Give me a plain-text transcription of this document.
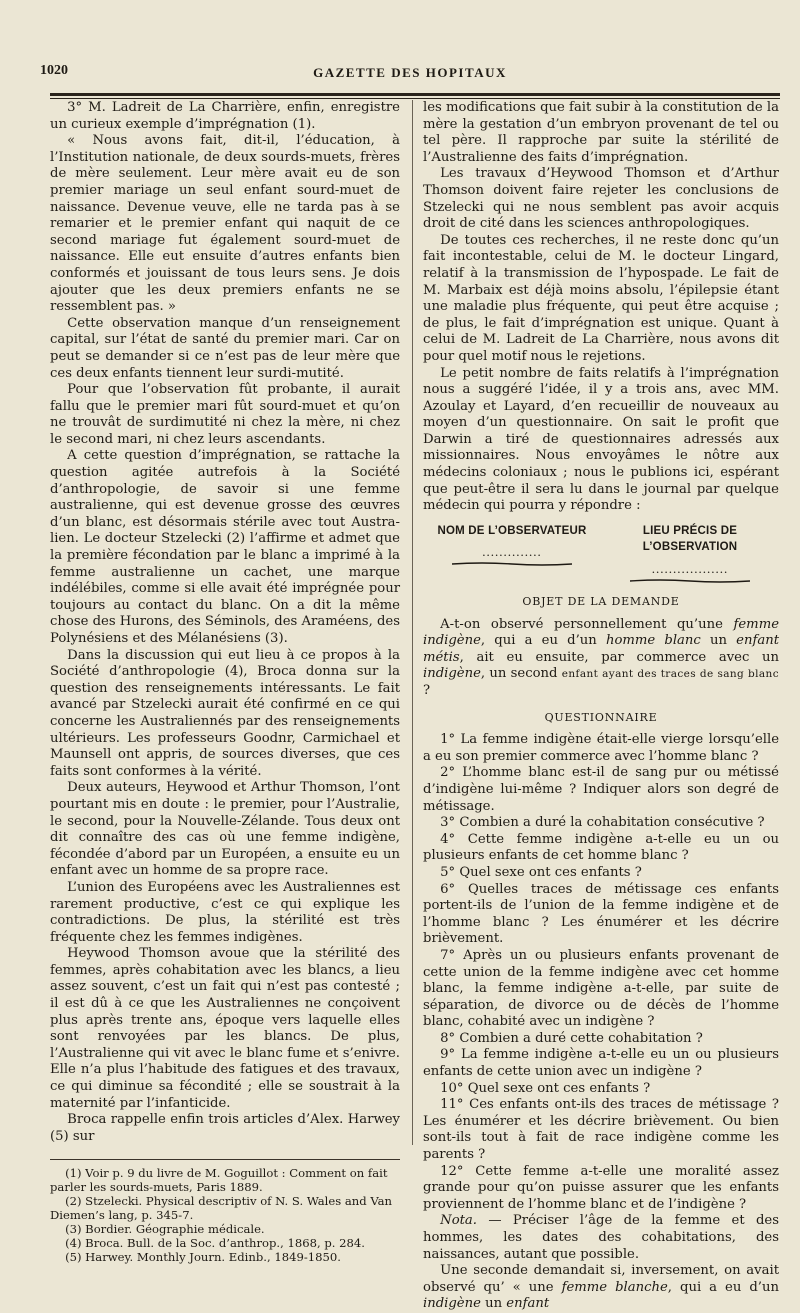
1020	GAZETTE DES HOPITAUX

3° M. Ladreit de La Charrière, enfin, enregistre un curieux exemple d’imprégnation (1).

« Nous avons fait, dit-il, l’éducation, à l’Institution nationale, de deux sourds-muets, frères de mère seulement. Leur mère avait eu de son premier mariage un seul enfant sourd-muet de naissance. Devenue veuve, elle ne tarda pas à se remarier et le premier enfant qui naquit de ce second mariage fut également sourd-muet de naissance. Elle eut ensuite d’autres enfants bien conformés et jouissant de tous leurs sens. Je dois ajouter que les deux premiers enfants ne se ressemblent pas. »

Cette observation manque d’un renseignement capital, sur l’état de santé du premier mari. Car on peut se demander si ce n’est pas de leur mère que ces deux enfants tiennent leur surdi-mutité.

Pour que l’observation fût probante, il aurait fallu que le premier mari fût sourd-muet et qu’on ne trouvât de surdimutité ni chez la mère, ni chez le second mari, ni chez leurs ascendants.

A cette question d’imprégnation, se rattache la question agitée autrefois à la Société d’anthropologie, de savoir si une femme australienne, qui est devenue grosse des œuvres d’un blanc, est désormais stérile avec tout Australien. Le docteur Stzelecki (2) l’affirme et admet que la première fécondation par le blanc a imprimé à la femme australienne un cachet, une marque indélébiles, comme si elle avait été imprégnée pour toujours au contact du blanc. On a dit la même chose des Hurons, des Séminols, des Araméens, des Polynésiens et des Mélanésiens (3).

Dans la discussion qui eut lieu à ce propos à la Société d’anthropologie (4), Broca donna sur la question des renseignements intéressants. Le fait avancé par Stzelecki aurait été confirmé en ce qui concerne les Australiennés par des renseignements ultérieurs. Les professeurs Goodnr, Carmichael et Maunsell ont appris, de sources diverses, que ces faits sont conformes à la vérité.

Deux auteurs, Heywood et Arthur Thomson, l’ont pourtant mis en doute : le premier, pour l’Australie, le second, pour la Nouvelle-Zélande. Tous deux ont dit connaître des cas où une femme indigène, fécondée d’abord par un Européen, a ensuite eu un enfant avec un homme de sa propre race.

L’union des Européens avec les Australiennes est rarement productive, c’est ce qui explique les contradictions. De plus, la stérilité est très fréquente chez les femmes indigènes.

Heywood Thomson avoue que la stérilité des femmes, après cohabitation avec les blancs, a lieu assez souvent, c’est un fait qui n’est pas contesté ; il est dû à ce que les Australiennes ne conçoivent plus après trente ans, époque vers laquelle elles sont renvoyées par les blancs. De plus, l’Australienne qui vit avec le blanc fume et s’enivre. Elle n’a plus l’habitude des fatigues et des travaux, ce qui diminue sa fécondité ; elle se soustrait à la maternité par l’infanticide.

Broca rappelle enfin trois articles d’Alex. Harwey (5) sur

(1) Voir p. 9 du livre de M. Goguillot : Comment on fait parler les sourds-muets, Paris 1889.

(2) Stzelecki. Physical descriptiv of N. S. Wales and Van Diemen’s lang, p. 345-7.

(3) Bordier. Géographie médicale.

(4) Broca. Bull. de la Soc. d’anthrop., 1868, p. 284.

(5) Harwey. Monthly Journ. Edinb., 1849-1850.

les modifications que fait subir à la constitution de la mère la gestation d’un embryon provenant de tel ou tel père. Il rapproche par suite la stérilité de l’Australienne des faits d’imprégnation.

Les travaux d’Heywood Thomson et d’Arthur Thomson doivent faire rejeter les conclusions de Stzelecki qui ne nous semblent pas avoir acquis droit de cité dans les sciences anthropologiques.

De toutes ces recherches, il ne reste donc qu’un fait incontestable, celui de M. le docteur Lingard, relatif à la transmission de l’hypospade. Le fait de M. Marbaix est déjà moins absolu, l’épilepsie étant une maladie plus fréquente, qui peut être acquise ; de plus, le fait d’imprégnation est unique. Quant à celui de M. Ladreit de La Charrière, nous avons dit pour quel motif nous le rejetions.

Le petit nombre de faits relatifs à l’imprégnation nous a suggéré l’idée, il y a trois ans, avec MM. Azoulay et Layard, d’en recueillir de nouveaux au moyen d’un questionnaire. On sait le profit que Darwin a tiré de questionnaires adressés aux missionnaires. Nous envoyâmes le nôtre aux médecins coloniaux ; nous le publions ici, espérant que peut-être il sera lu dans le journal par quelque médecin qui pourra y répondre :

NOM DE L’OBSERVATEUR
..............

LIEU PRÉCIS DE L’OBSERVATION
..................
OBJET DE LA DEMANDE

A-t-on observé personnellement qu’une femme indigène, qui a eu d’un homme blanc un enfant métis, ait eu ensuite, par commerce avec un indigène, un second enfant ayant des traces de sang blanc ?

QUESTIONNAIRE

1° La femme indigène était-elle vierge lorsqu’elle a eu son premier commerce avec l’homme blanc ?

2° L’homme blanc est-il de sang pur ou métissé d’indigène lui-même ? Indiquer alors son degré de métissage.

3° Combien a duré la cohabitation consécutive ?

4° Cette femme indigène a-t-elle eu un ou plusieurs enfants de cet homme blanc ?

5° Quel sexe ont ces enfants ?

6° Quelles traces de métissage ces enfants portent-ils de l’union de la femme indigène et de l’homme blanc ? Les énumérer et les décrire brièvement.

7° Après un ou plusieurs enfants provenant de cette union de la femme indigène avec cet homme blanc, la femme indigène a-t-elle, par suite de séparation, de divorce ou de décès de l’homme blanc, cohabité avec un indigène ?

8° Combien a duré cette cohabitation ?

9° La femme indigène a-t-elle eu un ou plusieurs enfants de cette union avec un indigène ?

10° Quel sexe ont ces enfants ?

11° Ces enfants ont-ils des traces de métissage ? Les énumérer et les décrire brièvement. Ou bien sont-ils tout à fait de race indigène comme les parents ?

12° Cette femme a-t-elle une moralité assez grande pour qu’on puisse assurer que les enfants proviennent de l’homme blanc et de l’indigène ?

Nota. — Préciser l’âge de la femme et des hommes, les dates des cohabitations, des naissances, autant que possible.

Une seconde demandait si, inversement, on avait observé qu’ « une femme blanche, qui a eu d’un indigène un enfant
